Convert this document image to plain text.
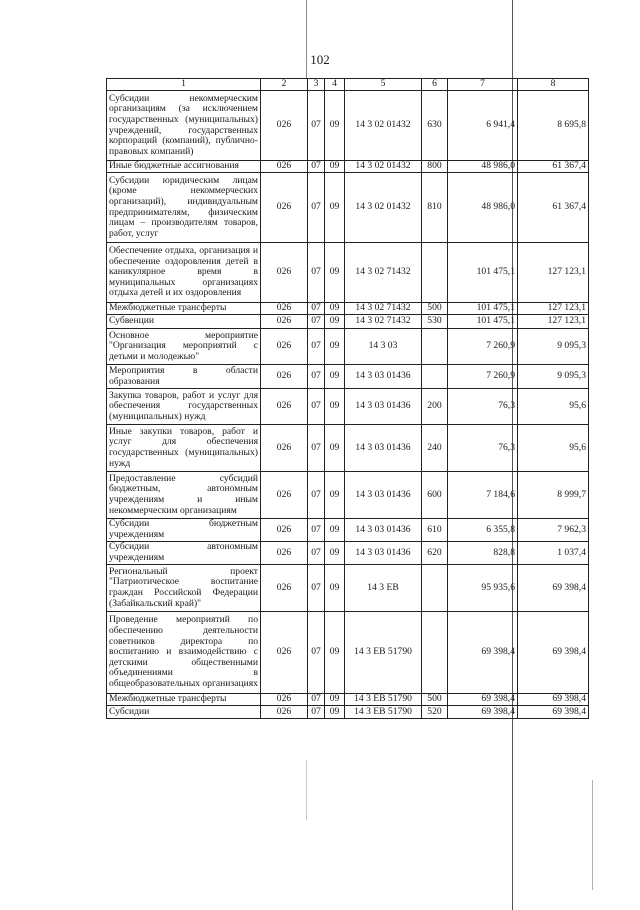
102
1	2	3	4	5	6	7	8
Субсидии некоммерческим организациям (за исключением государственных (муниципальных) учреждений, государственных корпораций (компаний), публично-правовых компаний)	026	07	09	14 3 02 01432	630	6 941,4	8 695,8
Иные бюджетные ассигнования	026	07	09	14 3 02 01432	800	48 986,0	61 367,4
Субсидии юридическим лицам (кроме некоммерческих организаций), индивидуальным предпринимателям, физическим лицам – производителям товаров, работ, услуг	026	07	09	14 3 02 01432	810	48 986,0	61 367,4
Обеспечение отдыха, организация и обеспечение оздоровления детей в каникулярное время в муниципальных организациях отдыха детей и их оздоровления	026	07	09	14 3 02 71432		101 475,1	127 123,1
Межбюджетные трансферты	026	07	09	14 3 02 71432	500	101 475,1	127 123,1
Субвенции	026	07	09	14 3 02 71432	530	101 475,1	127 123,1
Основное мероприятие "Организация мероприятий с детьми и молодежью"	026	07	09	14 3 03		7 260,9	9 095,3
Мероприятия в области образования	026	07	09	14 3 03 01436		7 260,9	9 095,3
Закупка товаров, работ и услуг для обеспечения государственных (муниципальных) нужд	026	07	09	14 3 03 01436	200	76,3	95,6
Иные закупки товаров, работ и услуг для обеспечения государственных (муниципальных) нужд	026	07	09	14 3 03 01436	240	76,3	95,6
Предоставление субсидий бюджетным, автономным учреждениям и иным некоммерческим организациям	026	07	09	14 3 03 01436	600	7 184,6	8 999,7
Субсидии бюджетным учреждениям	026	07	09	14 3 03 01436	610	6 355,8	7 962,3
Субсидии автономным учреждениям	026	07	09	14 3 03 01436	620	828,8	1 037,4
Региональный проект "Патриотическое воспитание граждан Российской Федерации (Забайкальский край)"	026	07	09	14 3 EB		95 935,6	69 398,4
Проведение мероприятий по обеспечению деятельности советников директора по воспитанию и взаимодействию с детскими общественными объединениями в общеобразовательных организациях	026	07	09	14 3 EB 51790		69 398,4	69 398,4
Межбюджетные трансферты	026	07	09	14 3 EB 51790	500	69 398,4	69 398,4
Субсидии	026	07	09	14 3 EB 51790	520	69 398,4	69 398,4
